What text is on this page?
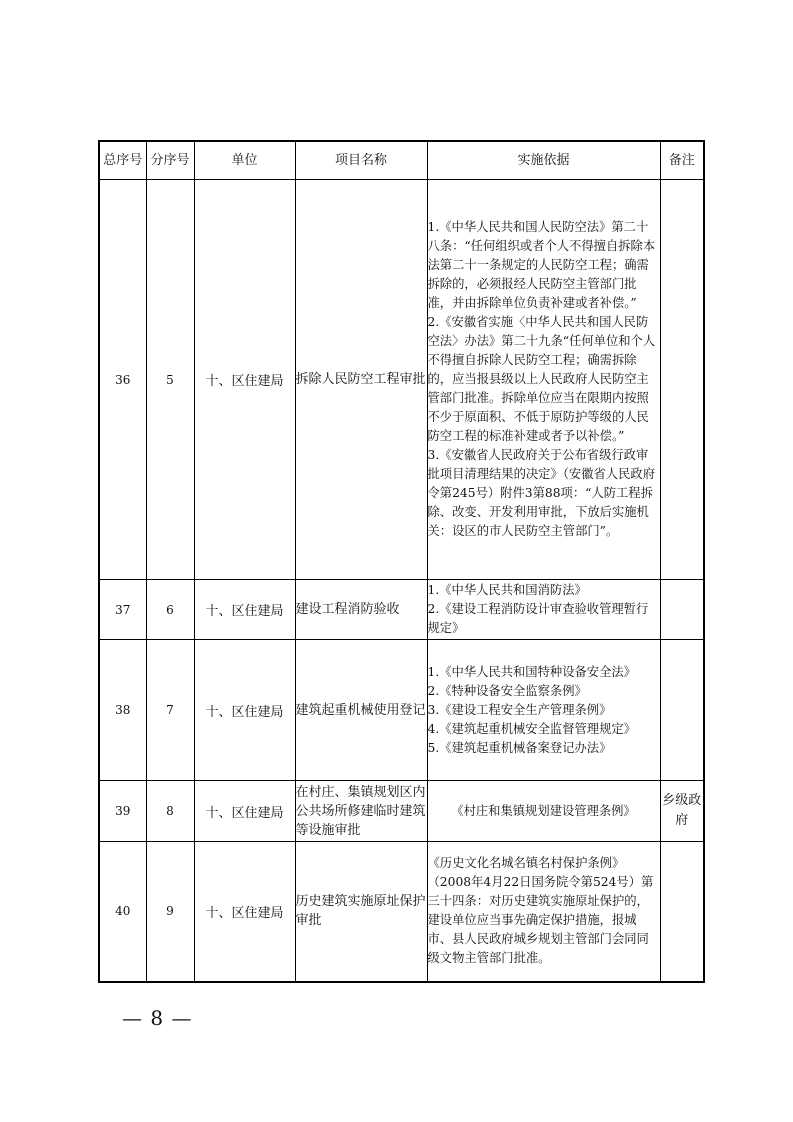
总序号	分序号	单位	项目名称	实施依据	备注
36	5	十、区住建局	拆除人民防空工程审批	1.《中华人民共和国人民防空法》第二十八条：“任何组织或者个人不得擅自拆除本法第二十一条规定的人民防空工程；确需拆除的，必须报经人民防空主管部门批准，并由拆除单位负责补建或者补偿。”

2.《安徽省实施〈中华人民共和国人民防空法〉办法》第二十九条“任何单位和个人不得擅自拆除人民防空工程；确需拆除的，应当报县级以上人民政府人民防空主管部门批准。拆除单位应当在限期内按照不少于原面积、不低于原防护等级的人民防空工程的标准补建或者予以补偿。”

3.《安徽省人民政府关于公布省级行政审批项目清理结果的决定》（安徽省人民政府令第245号）附件3第88项：“人防工程拆除、改变、开发利用审批，下放后实施机关：设区的市人民防空主管部门”。	

37	6	十、区住建局	建设工程消防验收	1.《中华人民共和国消防法》

2.《建设工程消防设计审查验收管理暂行规定》	

38	7	十、区住建局	建筑起重机械使用登记	1.《中华人民共和国特种设备安全法》

2.《特种设备安全监察条例》

3.《建设工程安全生产管理条例》

4.《建筑起重机械安全监督管理规定》

5.《建筑起重机械备案登记办法》	

39	8	十、区住建局	在村庄、集镇规划区内公共场所修建临时建筑等设施审批	《村庄和集镇规划建设管理条例》	乡级政府
40	9	十、区住建局	历史建筑实施原址保护审批	《历史文化名城名镇名村保护条例》（2008年4月22日国务院令第524号）第三十四条：对历史建筑实施原址保护的，建设单位应当事先确定保护措施，报城市、县人民政府城乡规划主管部门会同同级文物主管部门批准。	

— 8 —
